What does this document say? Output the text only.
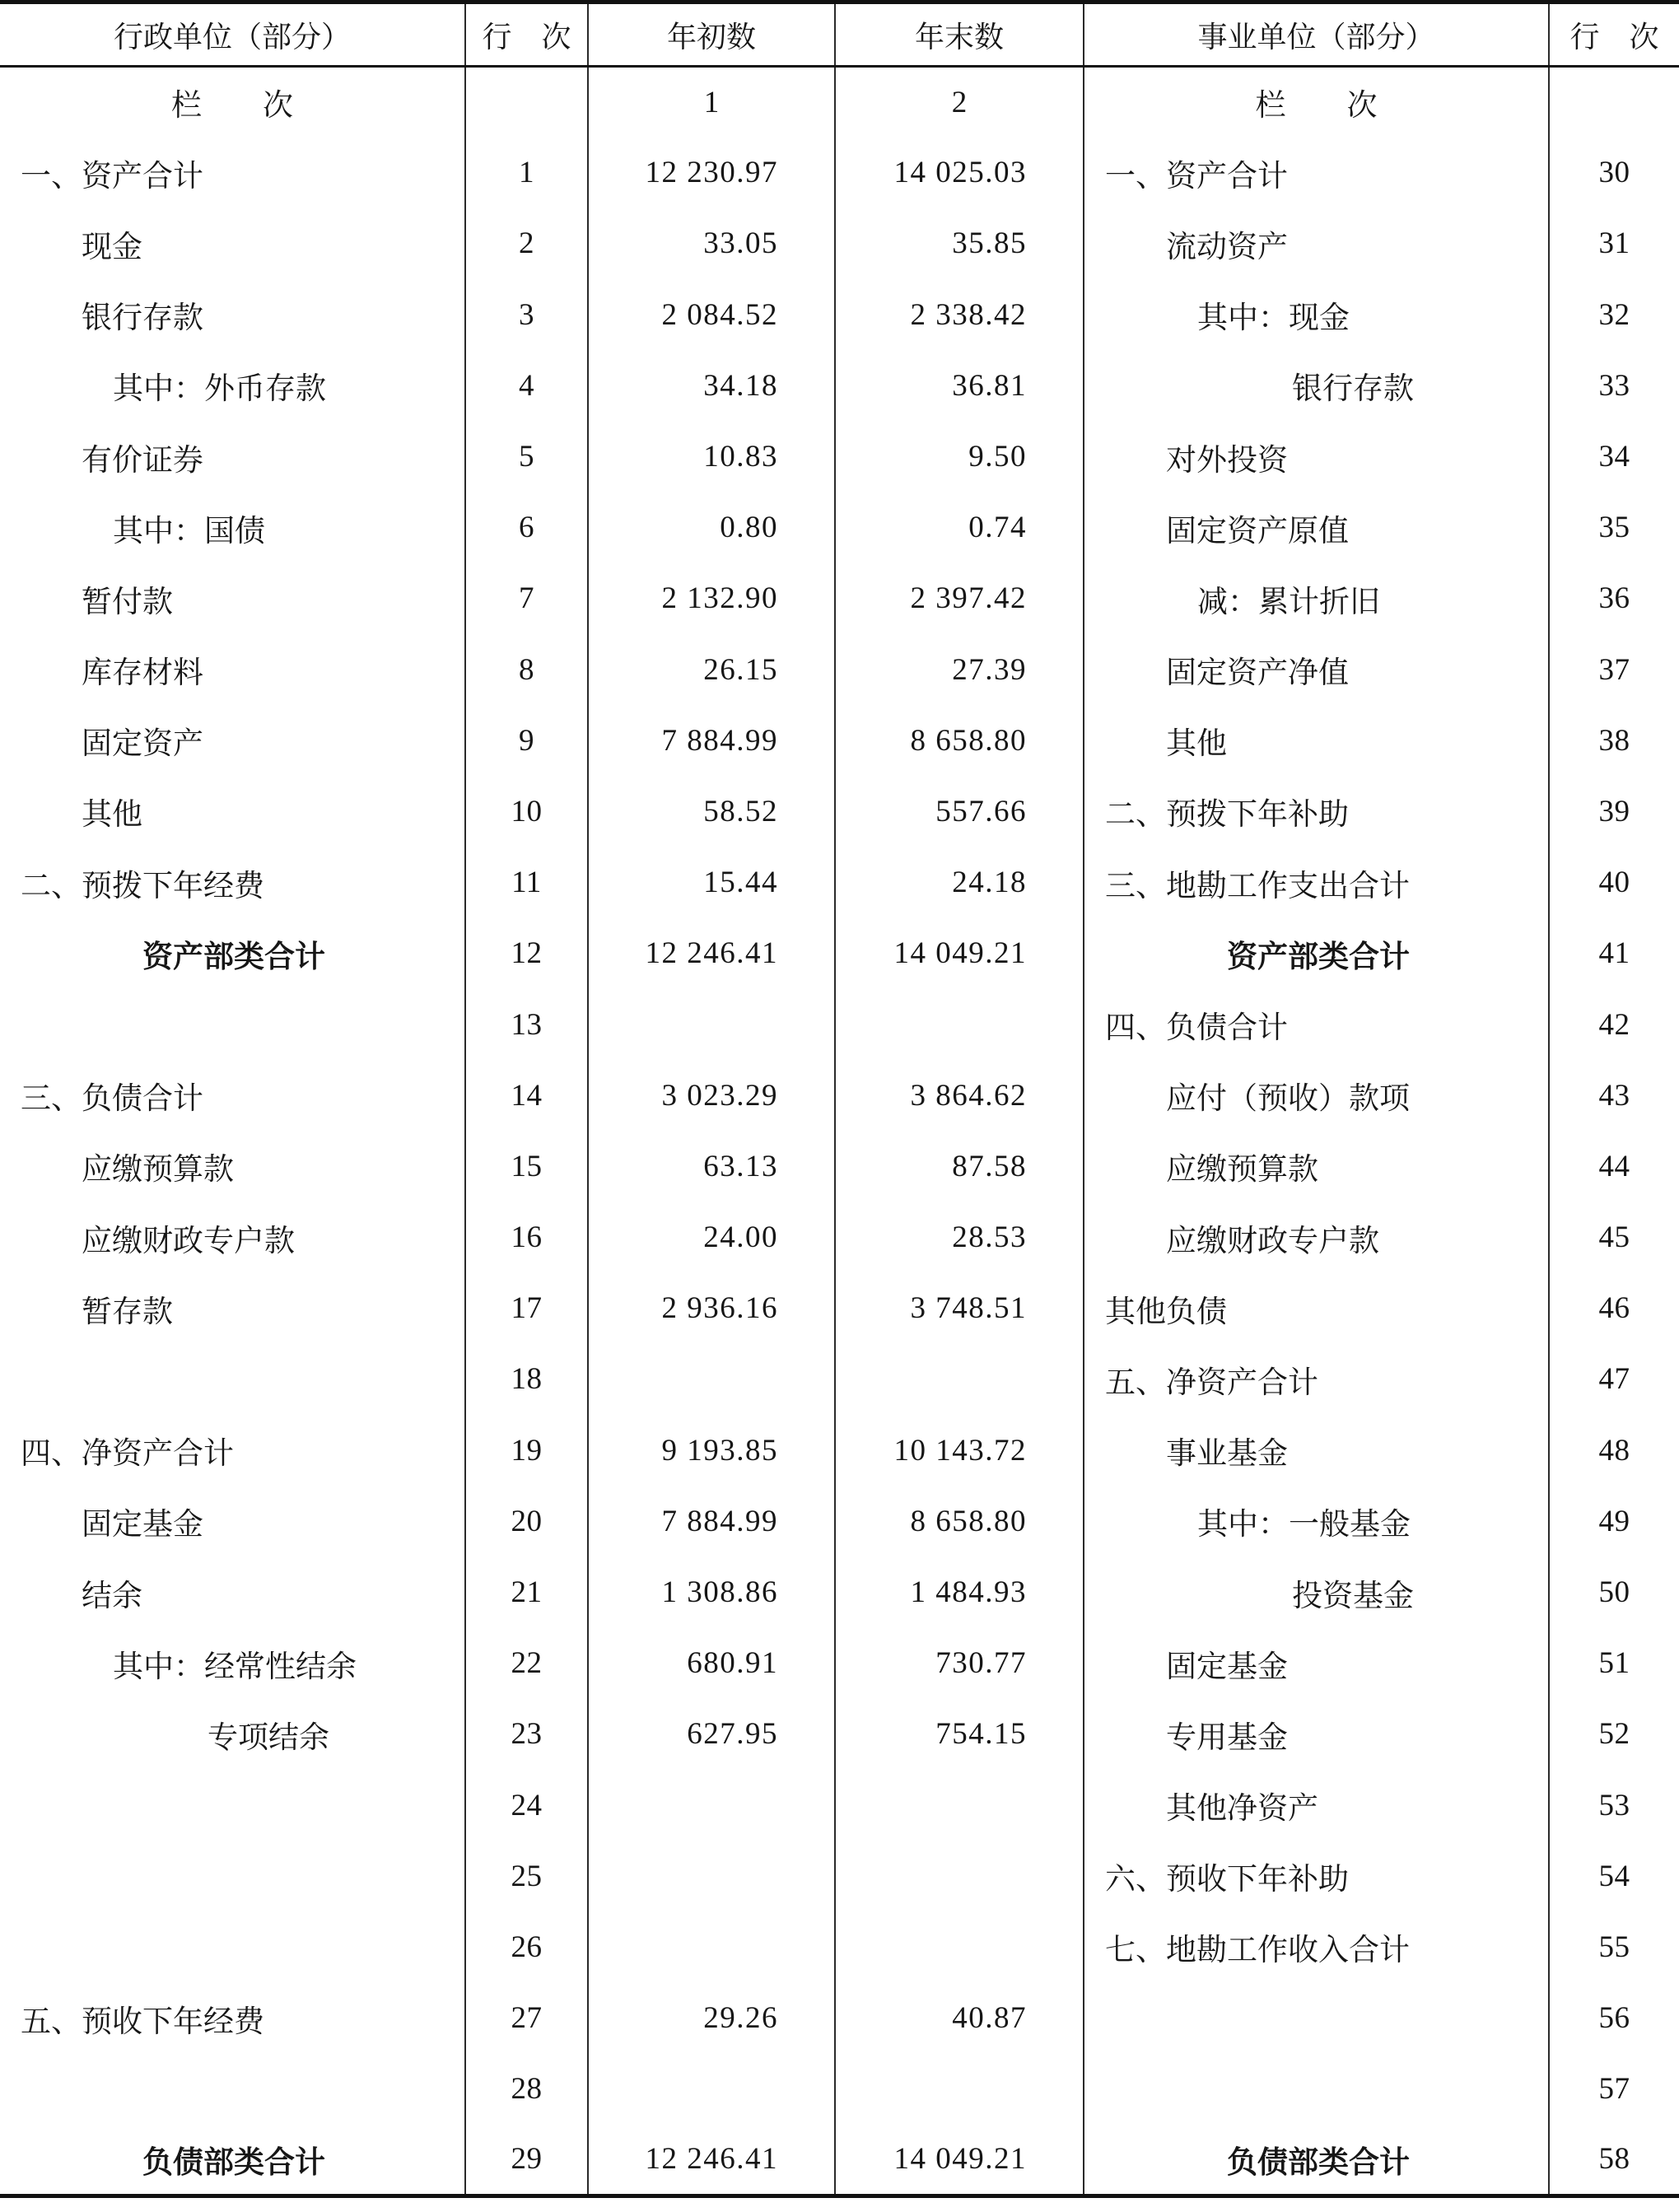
行政单位（部分）	行　次	年初数	年末数	事业单位（部分）	行　次
栏　　次		1	2	栏　　次	
一、资产合计	1	12 230.97	14 025.03	一、资产合计	30
现金	2	33.05	35.85	流动资产	31
银行存款	3	2 084.52	2 338.42	其中：现金	32
其中：外币存款	4	34.18	36.81	银行存款	33
有价证券	5	10.83	9.50	对外投资	34
其中：国债	6	0.80	0.74	固定资产原值	35
暂付款	7	2 132.90	2 397.42	减：累计折旧	36
库存材料	8	26.15	27.39	固定资产净值	37
固定资产	9	7 884.99	8 658.80	其他	38
其他	10	58.52	557.66	二、预拨下年补助	39
二、预拨下年经费	11	15.44	24.18	三、地勘工作支出合计	40
资产部类合计	12	12 246.41	14 049.21	资产部类合计	41
	13			四、负债合计	42
三、负债合计	14	3 023.29	3 864.62	应付（预收）款项	43
应缴预算款	15	63.13	87.58	应缴预算款	44
应缴财政专户款	16	24.00	28.53	应缴财政专户款	45
暂存款	17	2 936.16	3 748.51	其他负债	46
	18			五、净资产合计	47
四、净资产合计	19	9 193.85	10 143.72	事业基金	48
固定基金	20	7 884.99	8 658.80	其中：一般基金	49
结余	21	1 308.86	1 484.93	投资基金	50
其中：经常性结余	22	680.91	730.77	固定基金	51
专项结余	23	627.95	754.15	专用基金	52
	24			其他净资产	53
	25			六、预收下年补助	54
	26			七、地勘工作收入合计	55
五、预收下年经费	27	29.26	40.87		56
	28				57
负债部类合计	29	12 246.41	14 049.21	负债部类合计	58
